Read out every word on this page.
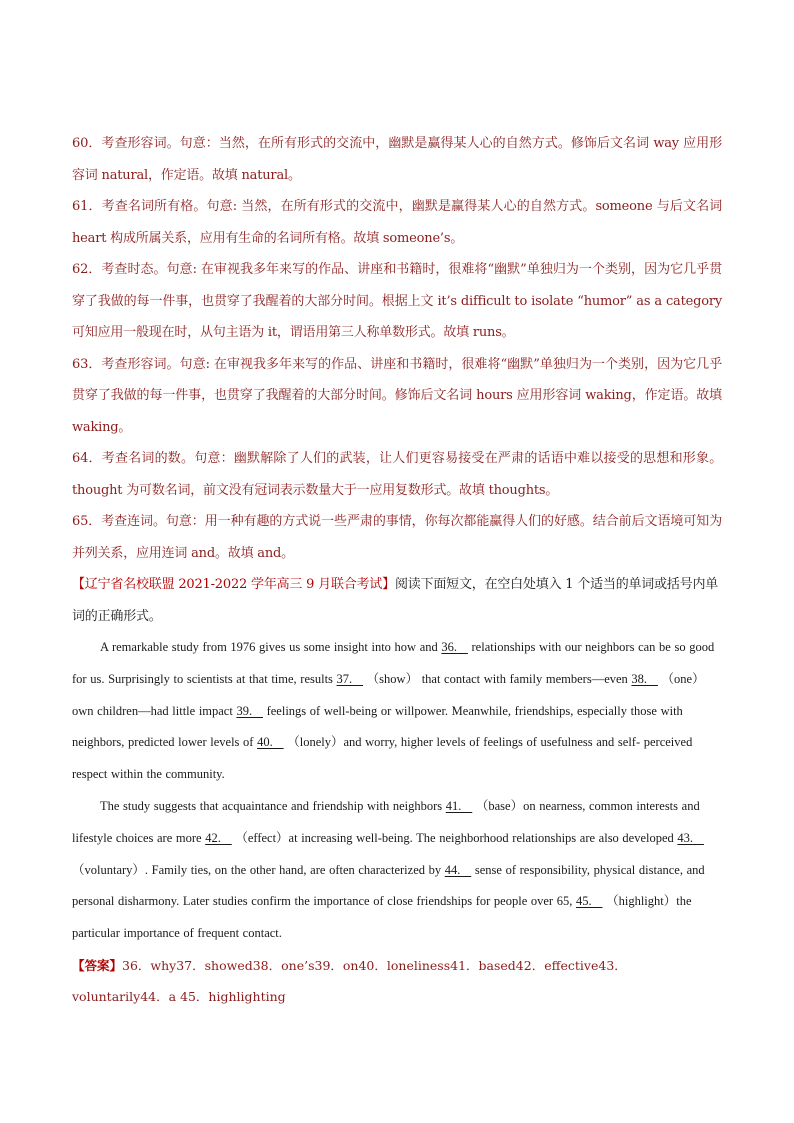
60．考查形容词。句意：当然，在所有形式的交流中，幽默是赢得某人心的自然方式。修饰后文名词 way 应用形容词 natural，作定语。故填 natural。

61．考查名词所有格。句意: 当然，在所有形式的交流中，幽默是赢得某人心的自然方式。someone 与后文名词 heart 构成所属关系，应用有生命的名词所有格。故填 someone’s。

62．考查时态。句意: 在审视我多年来写的作品、讲座和书籍时，很难将“幽默”单独归为一个类别，因为它几乎贯穿了我做的每一件事，也贯穿了我醒着的大部分时间。根据上文 it’s difficult to isolate “humor” as a category 可知应用一般现在时，从句主语为 it，谓语用第三人称单数形式。故填 runs。

63．考查形容词。句意: 在审视我多年来写的作品、讲座和书籍时，很难将“幽默”单独归为一个类别，因为它几乎贯穿了我做的每一件事，也贯穿了我醒着的大部分时间。修饰后文名词 hours 应用形容词 waking，作定语。故填 waking。

64．考查名词的数。句意：幽默解除了人们的武装，让人们更容易接受在严肃的话语中难以接受的思想和形象。thought 为可数名词，前文没有冠词表示数量大于一应用复数形式。故填 thoughts。

65．考查连词。句意：用一种有趣的方式说一些严肃的事情，你每次都能赢得人们的好感。结合前后文语境可知为并列关系，应用连词 and。故填 and。

【辽宁省名校联盟 2021-2022 学年高三 9 月联合考试】阅读下面短文，在空白处填入 1 个适当的单词或括号内单词的正确形式。

A remarkable study from 1976 gives us some insight into how and 36.    relationships with our neighbors can be so good for us. Surprisingly to scientists at that time, results 37.    （show） that contact with family members—even 38.    （one）own children—had little impact 39.    feelings of well-being or willpower. Meanwhile, friendships, especially those with neighbors, predicted lower levels of 40.    （lonely）and worry, higher levels of feelings of usefulness and self- perceived respect within the community.

The study suggests that acquaintance and friendship with neighbors 41.    （base）on nearness, common interests and lifestyle choices are more 42.    （effect）at increasing well-being. The neighborhood relationships are also developed 43.    （voluntary）. Family ties, on the other hand, are often characterized by 44.    sense of responsibility, physical distance, and personal disharmony. Later studies confirm the importance of close friendships for people over 65, 45.    （highlight）the particular importance of frequent contact.

【答案】36．why37．showed38．one’s39．on40．loneliness41．based42．effective43．voluntarily44．a 45．highlighting
